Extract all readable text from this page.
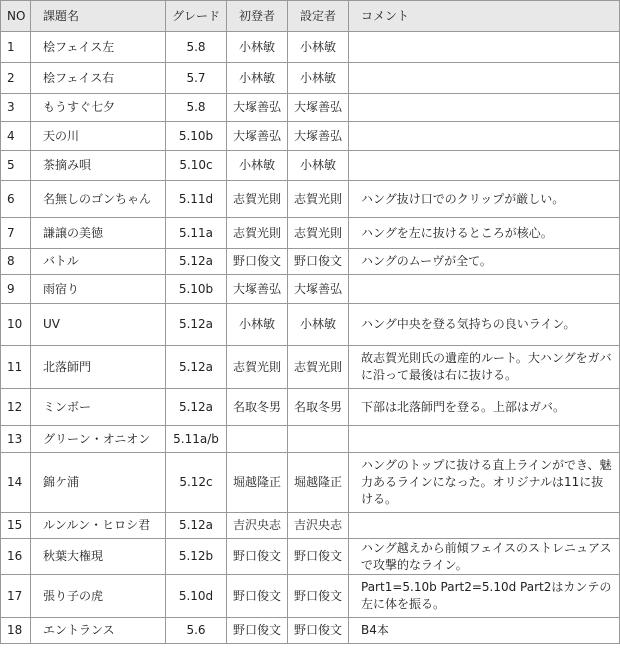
NO	課題名	グレード	初登者	設定者	コメント
1	桧フェイス左	5.8	小林敏	小林敏	
2	桧フェイス右	5.7	小林敏	小林敏	
3	もうすぐ七夕	5.8	大塚善弘	大塚善弘	
4	天の川	5.10b	大塚善弘	大塚善弘	
5	茶摘み唄	5.10c	小林敏	小林敏	
6	名無しのゴンちゃん	5.11d	志賀光則	志賀光則	ハング抜け口でのクリップが厳しい。
7	謙譲の美徳	5.11a	志賀光則	志賀光則	ハングを左に抜けるところが核心。
8	バトル	5.12a	野口俊文	野口俊文	ハングのムーヴが全て。
9	雨宿り	5.10b	大塚善弘	大塚善弘	
10	UV	5.12a	小林敏	小林敏	ハング中央を登る気持ちの良いライン。
11	北落師門	5.12a	志賀光則	志賀光則	故志賀光則氏の遺産的ルート。大ハングをガバに沿って最後は右に抜ける。
12	ミンボー	5.12a	名取冬男	名取冬男	下部は北落師門を登る。上部はガバ。
13	グリーン・オニオン	5.11a/b			
14	錦ケ浦	5.12c	堀越隆正	堀越隆正	ハングのトップに抜ける直上ラインができ、魅力あるラインになった。オリジナルは11に抜ける。
15	ルンルン・ヒロシ君	5.12a	吉沢央志	吉沢央志	
16	秋葉大権現	5.12b	野口俊文	野口俊文	ハング越えから前傾フェイスのストレニュアスで攻撃的なライン。
17	張り子の虎	5.10d	野口俊文	野口俊文	Part1=5.10b Part2=5.10d Part2はカンテの左に体を振る。
18	エントランス	5.6	野口俊文	野口俊文	B4本
